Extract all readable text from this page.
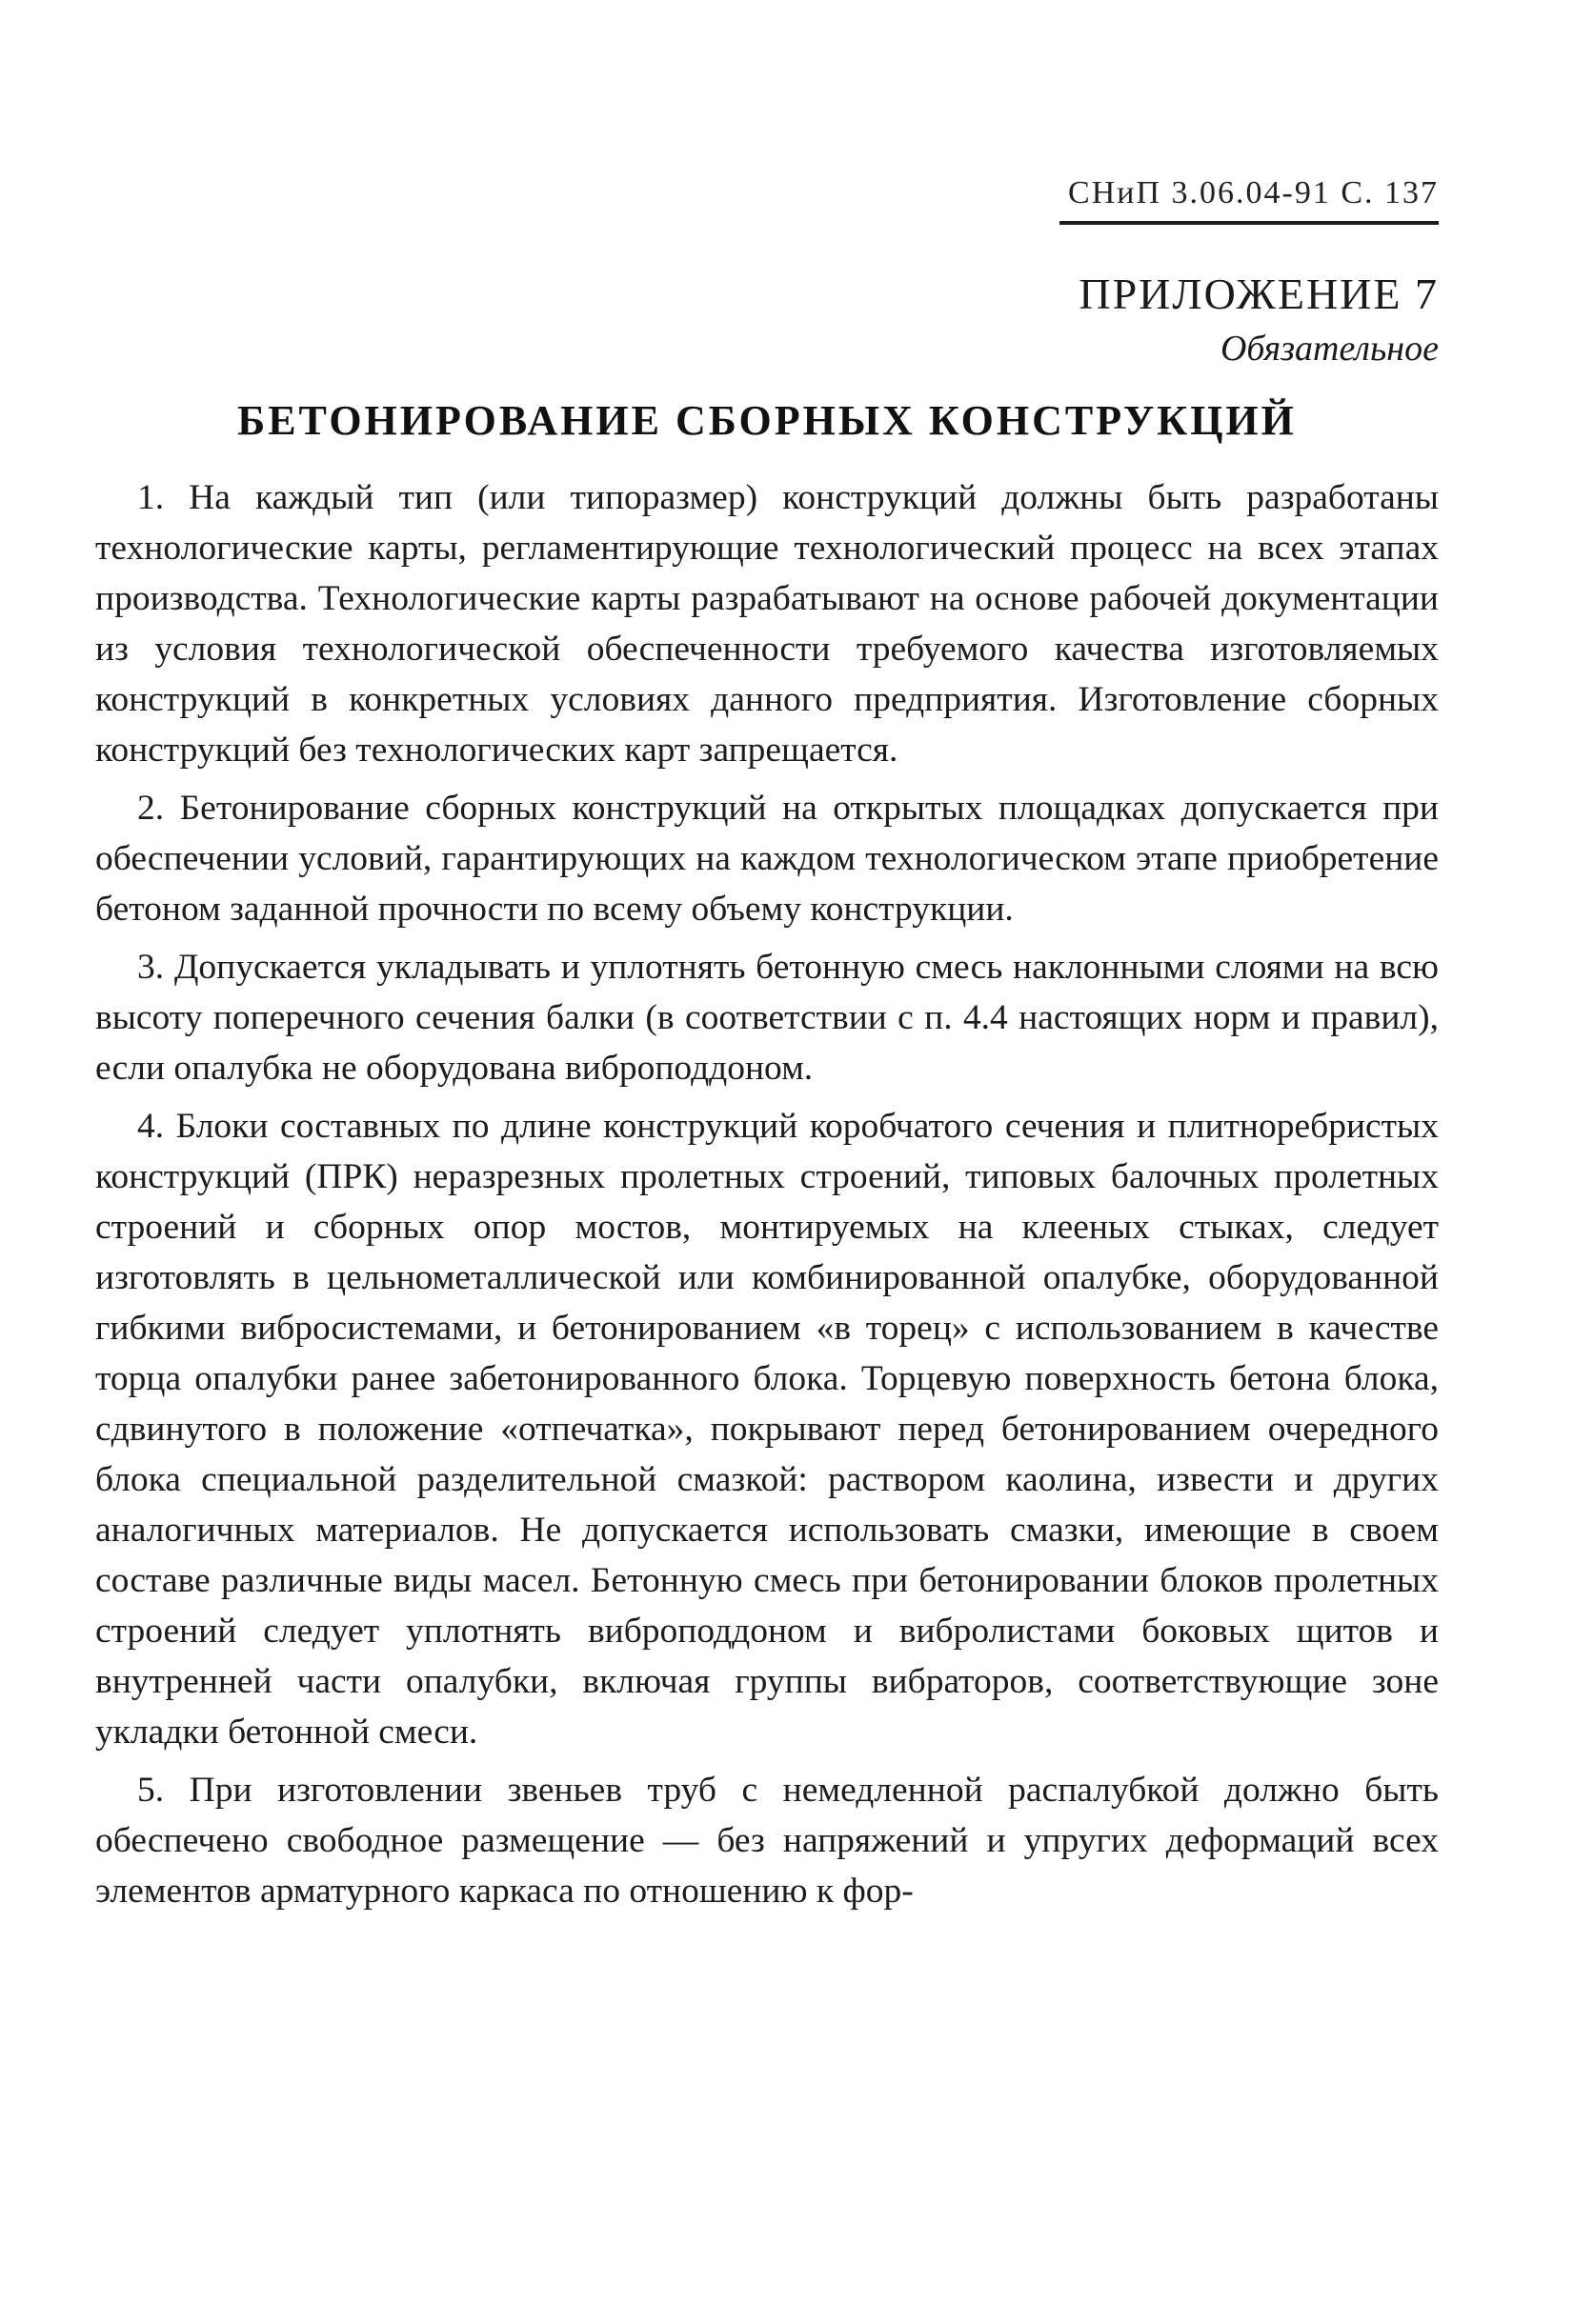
СНиП 3.06.04-91 С. 137
ПРИЛОЖЕНИЕ 7
Обязательное
БЕТОНИРОВАНИЕ СБОРНЫХ КОНСТРУКЦИЙ

1. На каждый тип (или типоразмер) конструкций должны быть разработаны технологические карты, регламентирующие технологический процесс на всех этапах производства. Технологические карты разрабатывают на основе рабочей документации из условия технологической обеспеченности требуемого качества изготовляемых конструкций в конкретных условиях данного предприятия. Изготовление сборных конструкций без технологических карт запрещается.

2. Бетонирование сборных конструкций на открытых площадках допускается при обеспечении условий, гарантирующих на каждом технологическом этапе приобретение бетоном заданной прочности по всему объему конструкции.

3. Допускается укладывать и уплотнять бетонную смесь наклонными слоями на всю высоту поперечного сечения балки (в соответствии с п. 4.4 настоящих норм и правил), если опалубка не оборудована виброподдоном.

4. Блоки составных по длине конструкций коробчатого сечения и плитноребристых конструкций (ПРК) неразрезных пролетных строений, типовых балочных пролетных строений и сборных опор мостов, монтируемых на клееных стыках, следует изготовлять в цельнометаллической или комбинированной опалубке, оборудованной гибкими вибросистемами, и бетонированием «в торец» с использованием в качестве торца опалубки ранее забетонированного блока. Торцевую поверхность бетона блока, сдвинутого в положение «отпечатка», покрывают перед бетонированием очередного блока специальной разделительной смазкой: раствором каолина, извести и других аналогичных материалов. Не допускается использовать смазки, имеющие в своем составе различные виды масел. Бетонную смесь при бетонировании блоков пролетных строений следует уплотнять виброподдоном и вибролистами боковых щитов и внутренней части опалубки, включая группы вибраторов, соответствующие зоне укладки бетонной смеси.

5. При изготовлении звеньев труб с немедленной распалубкой должно быть обеспечено свободное размещение — без напряжений и упругих деформаций всех элементов арматурного каркаса по отношению к фор-
